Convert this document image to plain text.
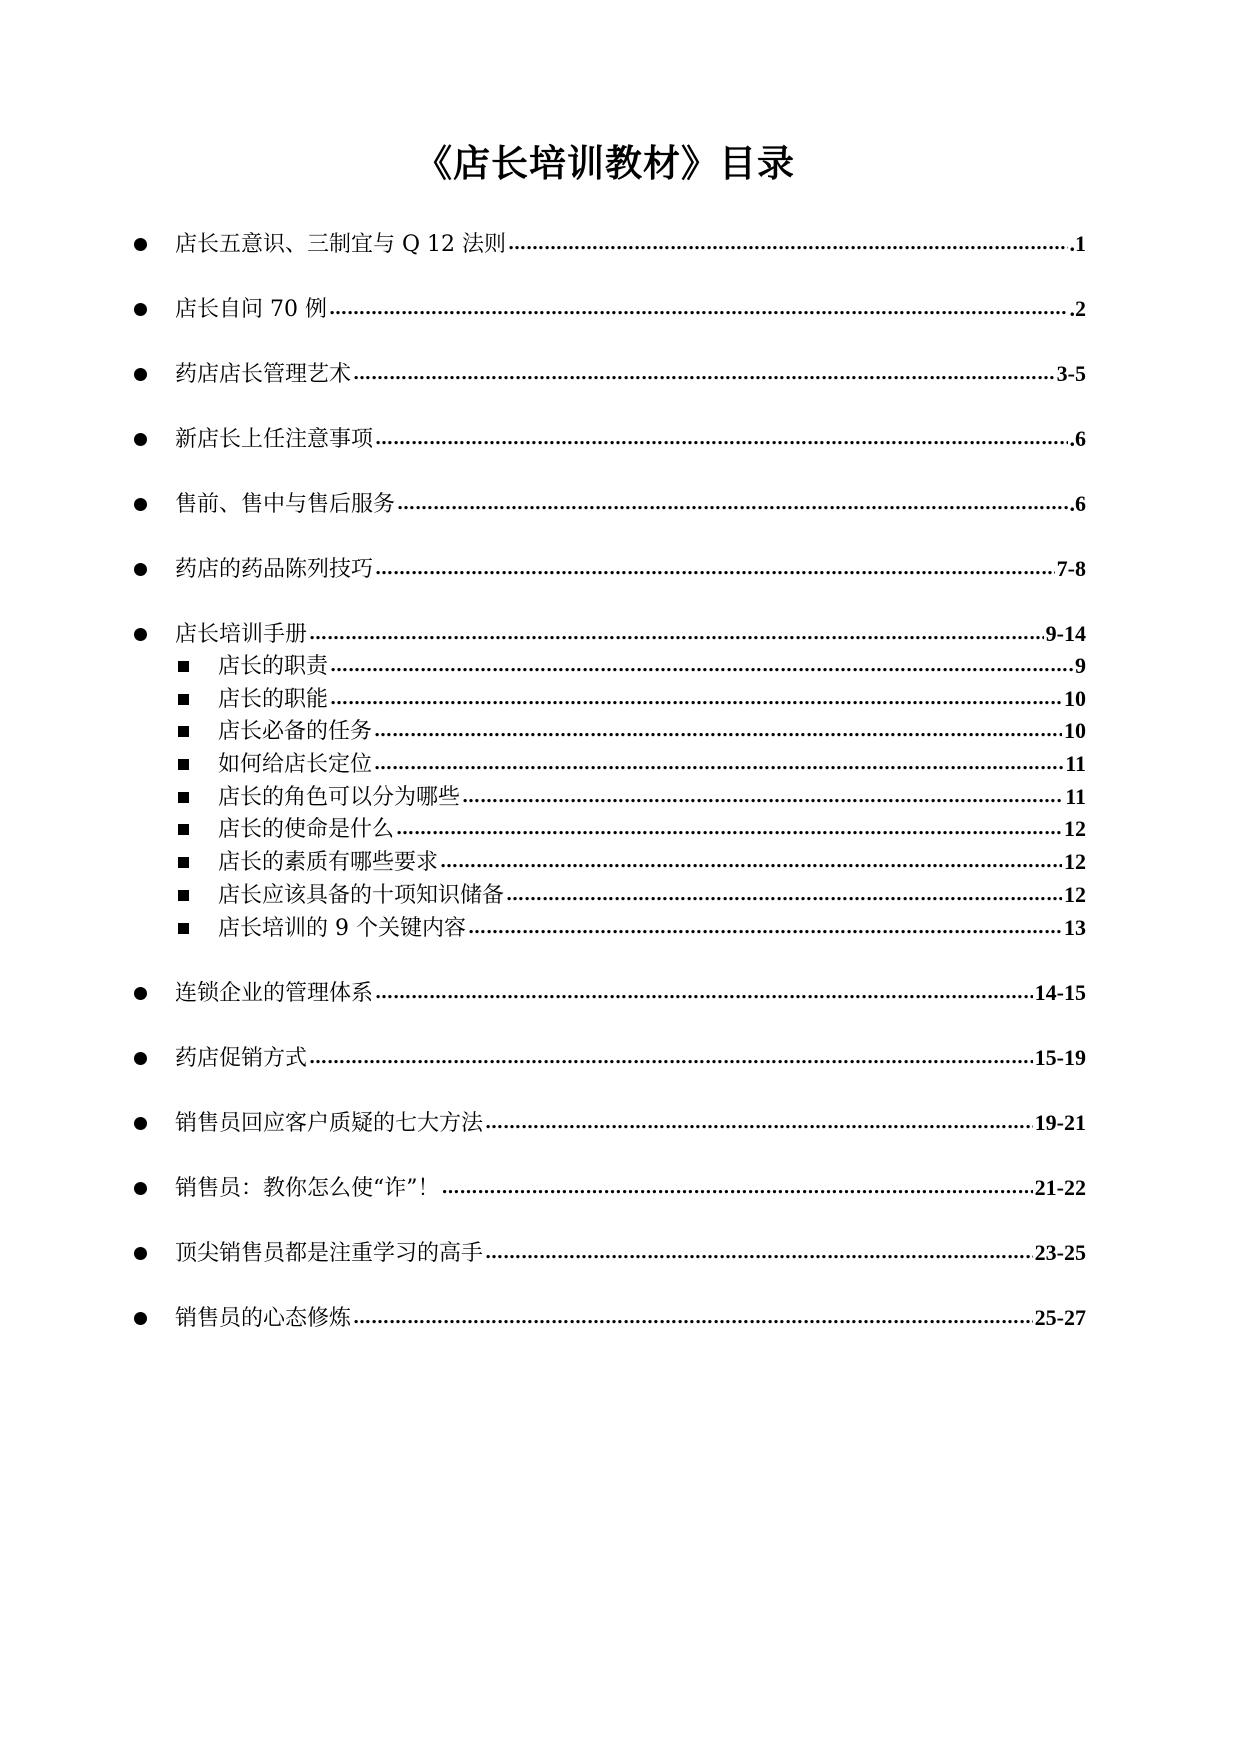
《店长培训教材》目录
店长五意识、三制宜与 Q 12 法则 ………………………………………………………………………………………………………………………………………………………………………………	.1
店长自问 70 例 ………………………………………………………………………………………………………………………………………………………………………………	.2
药店店长管理艺术 ………………………………………………………………………………………………………………………………………………………………………………	3-5
新店长上任注意事项 ………………………………………………………………………………………………………………………………………………………………………………	.6
售前、售中与售后服务 ………………………………………………………………………………………………………………………………………………………………………………	.6
药店的药品陈列技巧 ………………………………………………………………………………………………………………………………………………………………………………	7-8
店长培训手册 ………………………………………………………………………………………………………………………………………………………………………………	9-14
店长的职责 ………………………………………………………………………………………………………………………………………………………………………………	9
店长的职能 ………………………………………………………………………………………………………………………………………………………………………………	10
店长必备的任务 ………………………………………………………………………………………………………………………………………………………………………………	10
如何给店长定位 ………………………………………………………………………………………………………………………………………………………………………………	11
店长的角色可以分为哪些 ………………………………………………………………………………………………………………………………………………………………………………	11
店长的使命是什么 ………………………………………………………………………………………………………………………………………………………………………………	12
店长的素质有哪些要求 ………………………………………………………………………………………………………………………………………………………………………………	12
店长应该具备的十项知识储备 ………………………………………………………………………………………………………………………………………………………………………………	12
店长培训的 9 个关键内容 ………………………………………………………………………………………………………………………………………………………………………………	13
连锁企业的管理体系 ………………………………………………………………………………………………………………………………………………………………………………	14-15
药店促销方式 ………………………………………………………………………………………………………………………………………………………………………………	15-19
销售员回应客户质疑的七大方法 ………………………………………………………………………………………………………………………………………………………………………………	19-21
销售员：教你怎么使“诈”！ ………………………………………………………………………………………………………………………………………………………………………………	21-22
顶尖销售员都是注重学习的高手 ………………………………………………………………………………………………………………………………………………………………………………	23-25
销售员的心态修炼 ………………………………………………………………………………………………………………………………………………………………………………	25-27
